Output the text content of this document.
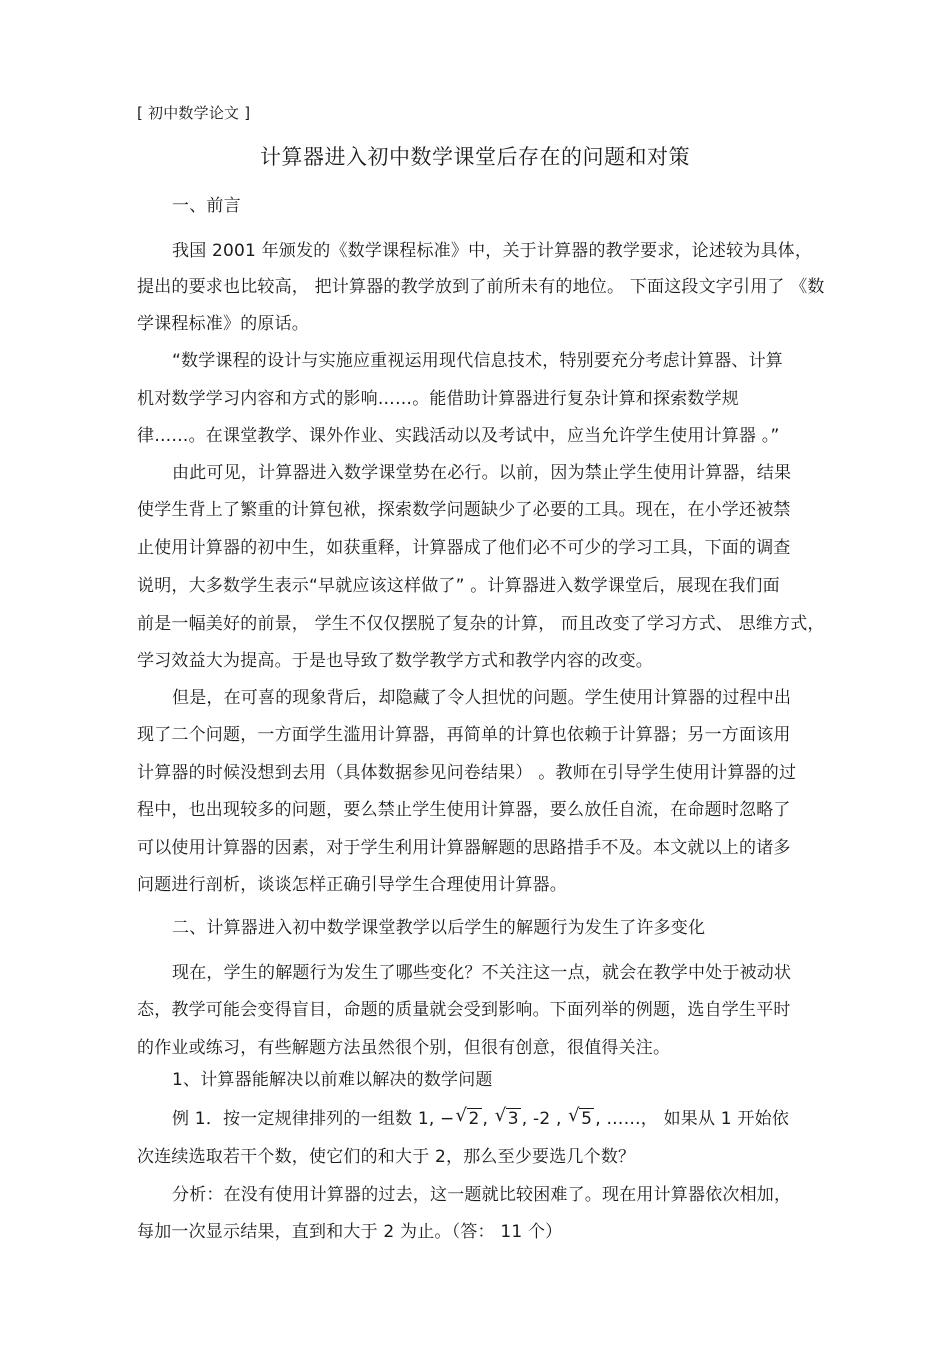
[ 初中数学论文 ]
计算器进入初中数学课堂后存在的问题和对策
一、前言
我国 2001 年颁发的《数学课程标准》中，关于计算器的教学要求，论述较为具体，
提出的要求也比较高， 把计算器的教学放到了前所未有的地位。 下面这段文字引用了 《数
学课程标准》的原话。
“数学课程的设计与实施应重视运用现代信息技术，特别要充分考虑计算器、计算
机对数学学习内容和方式的影响……。能借助计算器进行复杂计算和探索数学规
律……。在课堂教学、课外作业、实践活动以及考试中，应当允许学生使用计算器 。”
由此可见，计算器进入数学课堂势在必行。以前，因为禁止学生使用计算器，结果
使学生背上了繁重的计算包袱，探索数学问题缺少了必要的工具。现在，在小学还被禁
止使用计算器的初中生，如获重释，计算器成了他们必不可少的学习工具，下面的调查
说明，大多数学生表示“早就应该这样做了” 。计算器进入数学课堂后，展现在我们面
前是一幅美好的前景， 学生不仅仅摆脱了复杂的计算， 而且改变了学习方式、 思维方式，
学习效益大为提高。于是也导致了数学教学方式和教学内容的改变。
但是，在可喜的现象背后，却隐藏了令人担忧的问题。学生使用计算器的过程中出
现了二个问题，一方面学生滥用计算器，再简单的计算也依赖于计算器；另一方面该用
计算器的时候没想到去用（具体数据参见问卷结果） 。教师在引导学生使用计算器的过
程中，也出现较多的问题，要么禁止学生使用计算器，要么放任自流，在命题时忽略了
可以使用计算器的因素，对于学生利用计算器解题的思路措手不及。本文就以上的诸多
问题进行剖析，谈谈怎样正确引导学生合理使用计算器。
二、计算器进入初中数学课堂教学以后学生的解题行为发生了许多变化
现在，学生的解题行为发生了哪些变化？不关注这一点，就会在教学中处于被动状
态，教学可能会变得盲目，命题的质量就会受到影响。下面列举的例题，选自学生平时
的作业或练习，有些解题方法虽然很个别，但很有创意，很值得关注。
1、计算器能解决以前难以解决的数学问题
例 1．按一定规律排列的一组数 1, − √ 2 , √ 3 , -2 , √ 5 , ……， 如果从 1 开始依
次连续选取若干个数，使它们的和大于 2，那么至少要选几个数？
分析：在没有使用计算器的过去，这一题就比较困难了。现在用计算器依次相加，
每加一次显示结果，直到和大于 2 为止。（答： 11 个）
